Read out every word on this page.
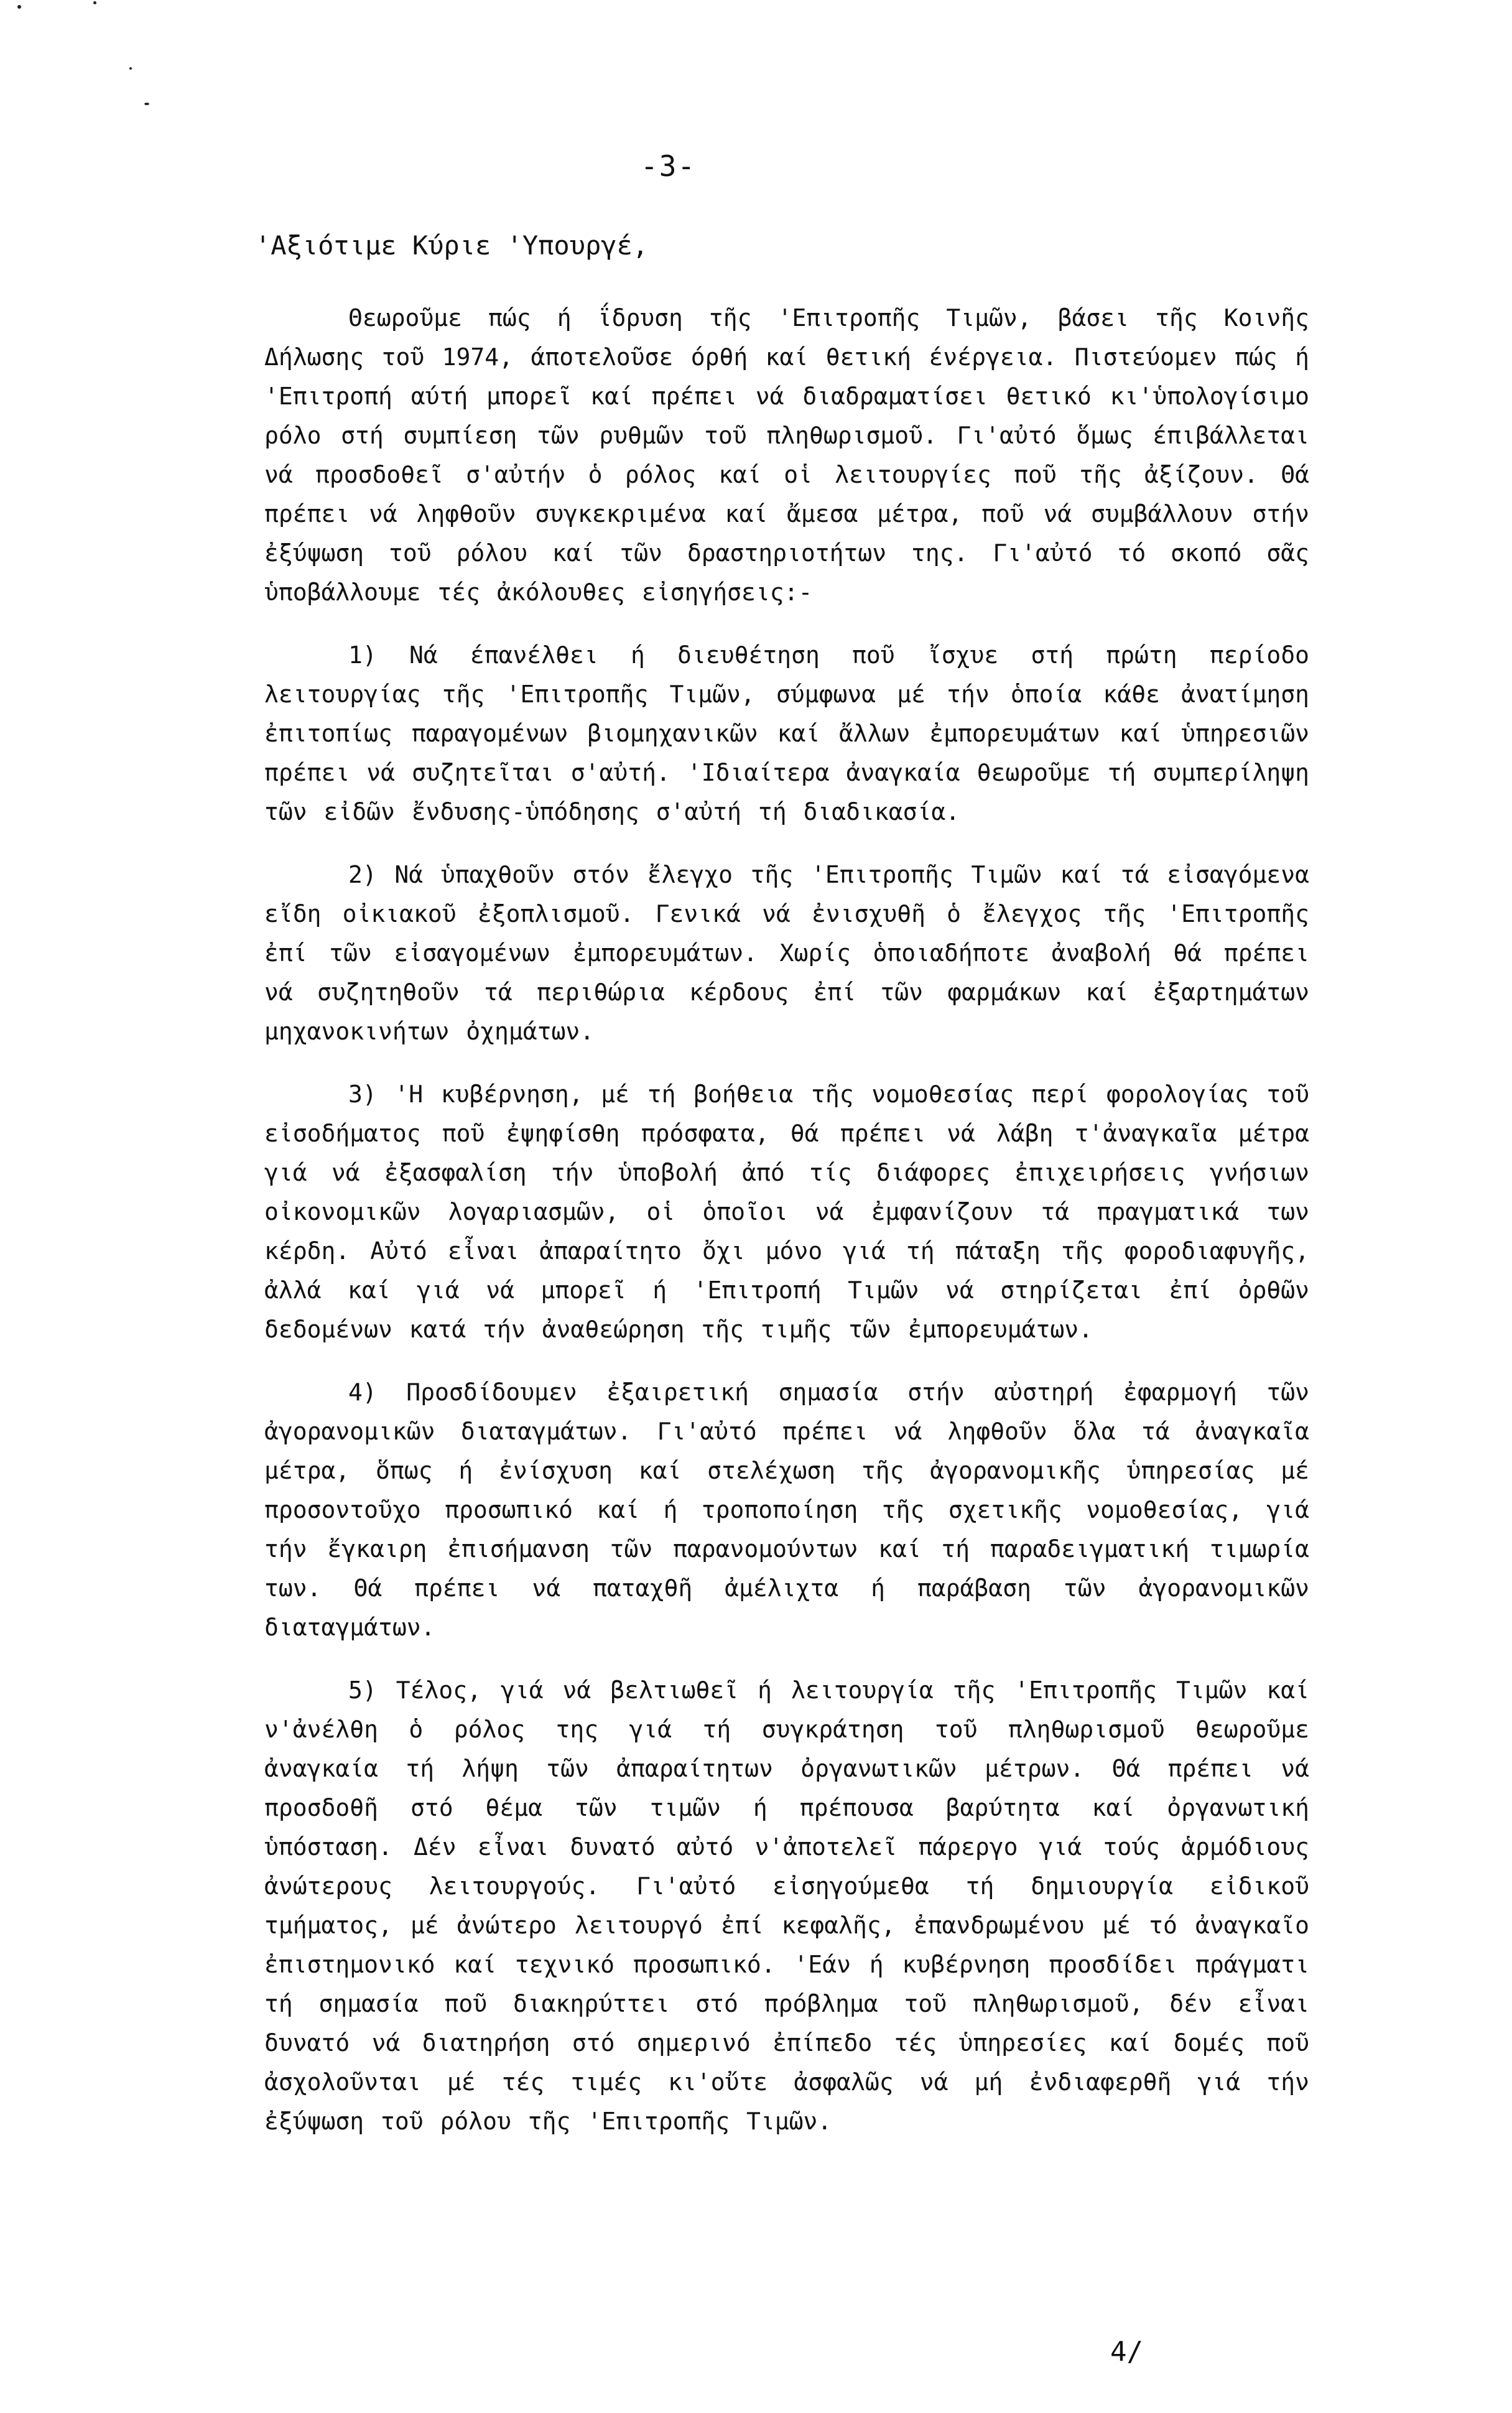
-3-
'Αξιότιμε Κύριε 'Υπουργέ,

Θεωροῦμε πώς ή ΐδρυση τῆς 'Επιτροπῆς Τιμῶν, βάσει τῆς Κοινῆς Δήλωσης τοῦ 1974, άποτελοῦσε όρθή καί θετική ένέργεια. Πιστεύομεν πώς ή 'Επιτροπή αύτή μπορεῖ καί πρέπει νά διαδραματίσει θετικό κι'ὑπολογίσιμο ρόλο στή συμπίεση τῶν ρυθμῶν τοῦ πληθωρισμοῦ. Γι'αὐτό ὅμως έπιβάλλεται νά προσδοθεῖ σ'αὐτήν ὁ ρόλος καί οἱ λειτουργίες ποῦ τῆς ἀξίζουν. Θά πρέπει νά ληφθοῦν συγκεκριμένα καί ἄμεσα μέτρα, ποῦ νά συμβάλλουν στήν ἐξύψωση τοῦ ρόλου καί τῶν δραστηριοτήτων της. Γι'αὐτό τό σκοπό σᾶς ὑποβάλλουμε τές ἀκόλουθες εἰσηγήσεις:-

1) Νά έπανέλθει ή διευθέτηση ποῦ ἴσχυε στή πρώτη περίοδο λειτουργίας τῆς 'Επιτροπῆς Τιμῶν, σύμφωνα μέ τήν ὁποία κάθε ἀνατίμηση ἐπιτοπίως παραγομένων βιομηχανικῶν καί ἄλλων ἐμπορευμάτων καί ὑπηρεσιῶν πρέπει νά συζητεῖται σ'αὐτή. 'Ιδιαίτερα ἀναγκαία θεωροῦμε τή συμπερίληψη τῶν εἰδῶν ἔνδυσης-ὑπόδησης σ'αὐτή τή διαδικασία.

2) Νά ὑπαχθοῦν στόν ἔλεγχο τῆς 'Επιτροπῆς Τιμῶν καί τά εἰσαγόμενα εἴδη οἰκιακοῦ ἐξοπλισμοῦ. Γενικά νά ἐνισχυθῆ ὁ ἔλεγχος τῆς 'Επιτροπῆς ἐπί τῶν εἰσαγομένων ἐμπορευμάτων. Χωρίς ὁποιαδήποτε ἀναβολή θά πρέπει νά συζητηθοῦν τά περιθώρια κέρδους ἐπί τῶν φαρμάκων καί ἐξαρτημάτων μηχανοκινήτων ὀχημάτων.

3) 'Η κυβέρνηση, μέ τή βοήθεια τῆς νομοθεσίας περί φορολογίας τοῦ εἰσοδήματος ποῦ ἐψηφίσθη πρόσφατα, θά πρέπει νά λάβη τ'ἀναγκαῖα μέτρα γιά νά ἐξασφαλίση τήν ὑποβολή ἀπό τίς διάφορες ἐπιχειρήσεις γνήσιων οἰκονομικῶν λογαριασμῶν, οἱ ὁποῖοι νά ἐμφανίζουν τά πραγματικά των κέρδη. Αὐτό εἶναι ἀπαραίτητο ὄχι μόνο γιά τή πάταξη τῆς φοροδιαφυγῆς, ἀλλά καί γιά νά μπορεῖ ή 'Επιτροπή Τιμῶν νά στηρίζεται ἐπί ὀρθῶν δεδομένων κατά τήν ἀναθεώρηση τῆς τιμῆς τῶν ἐμπορευμάτων.

4) Προσδίδουμεν ἐξαιρετική σημασία στήν αὐστηρή ἐφαρμογή τῶν ἀγορανομικῶν διαταγμάτων. Γι'αὐτό πρέπει νά ληφθοῦν ὅλα τά ἀναγκαῖα μέτρα, ὅπως ή ἐνίσχυση καί στελέχωση τῆς ἀγορανομικῆς ὑπηρεσίας μέ προσοντοῦχο προσωπικό καί ή τροποποίηση τῆς σχετικῆς νομοθεσίας, γιά τήν ἔγκαιρη ἐπισήμανση τῶν παρανομούντων καί τή παραδειγματική τιμωρία των. Θά πρέπει νά παταχθῆ ἀμέλιχτα ή παράβαση τῶν ἀγορανομικῶν διαταγμάτων.

5) Τέλος, γιά νά βελτιωθεῖ ή λειτουργία τῆς 'Επιτροπῆς Τιμῶν καί ν'ἀνέλθη ὁ ρόλος της γιά τή συγκράτηση τοῦ πληθωρισμοῦ θεωροῦμε ἀναγκαία τή λήψη τῶν ἀπαραίτητων ὀργανωτικῶν μέτρων. Θά πρέπει νά προσδοθῆ στό θέμα τῶν τιμῶν ή πρέπουσα βαρύτητα καί ὀργανωτική ὑπόσταση. Δέν εἶναι δυνατό αὐτό ν'ἀποτελεῖ πάρεργο γιά τούς ἁρμόδιους ἀνώτερους λειτουργούς. Γι'αὐτό εἰσηγούμεθα τή δημιουργία εἰδικοῦ τμήματος, μέ ἀνώτερο λειτουργό ἐπί κεφαλῆς, ἐπανδρωμένου μέ τό ἀναγκαῖο ἐπιστημονικό καί τεχνικό προσωπικό. 'Εάν ή κυβέρνηση προσδίδει πράγματι τή σημασία ποῦ διακηρύττει στό πρόβλημα τοῦ πληθωρισμοῦ, δέν εἶναι δυνατό νά διατηρήση στό σημερινό ἐπίπεδο τές ὑπηρεσίες καί δομές ποῦ ἀσχολοῦνται μέ τές τιμές κι'οὔτε ἀσφαλῶς νά μή ἐνδιαφερθῆ γιά τήν ἐξύψωση τοῦ ρόλου τῆς 'Επιτροπῆς Τιμῶν.

4/
